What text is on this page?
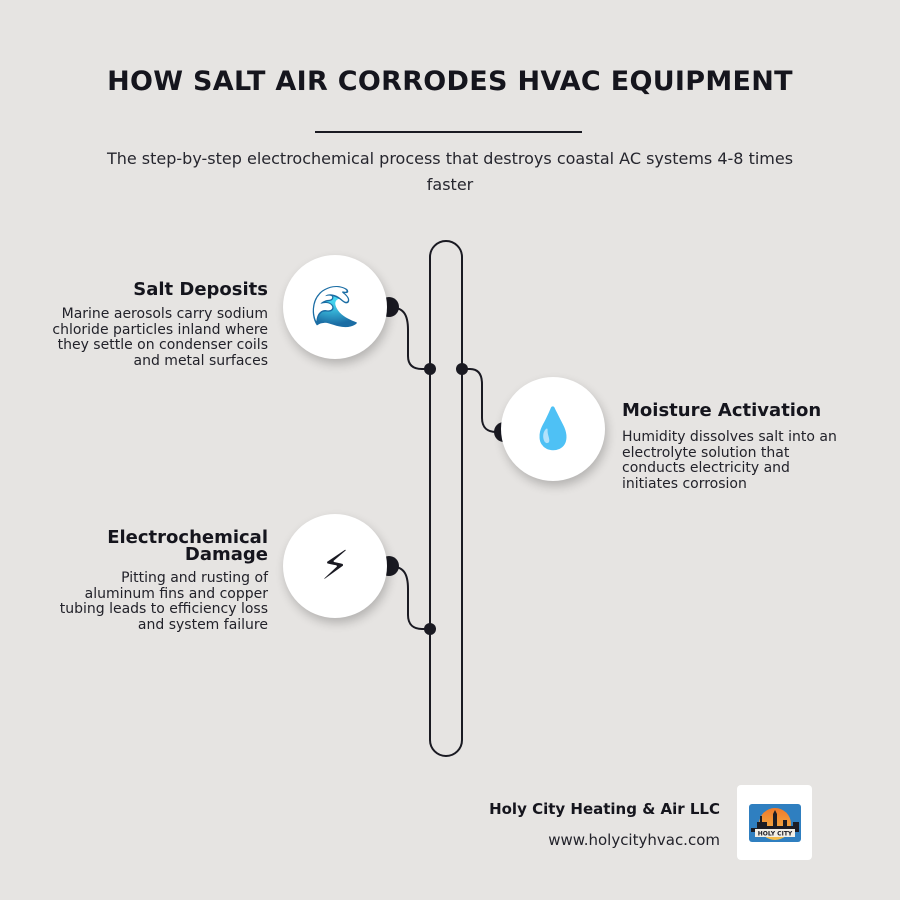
HOW SALT AIR CORRODES HVAC EQUIPMENT
The step-by-step electrochemical process that destroys coastal AC systems 4-8 times faster
🌊
Salt Deposits
Marine aerosols carry sodium chloride particles inland where they settle on condenser coils and metal surfaces
💧 Moisture Activation
Humidity dissolves salt into an electrolyte solution that conducts electricity and initiates corrosion
⚡
Electrochemical Damage
Pitting and rusting of aluminum fins and copper tubing leads to efficiency loss and system failure
Holy City Heating & Air LLC
www.holycityhvac.com	HOLY CITY
